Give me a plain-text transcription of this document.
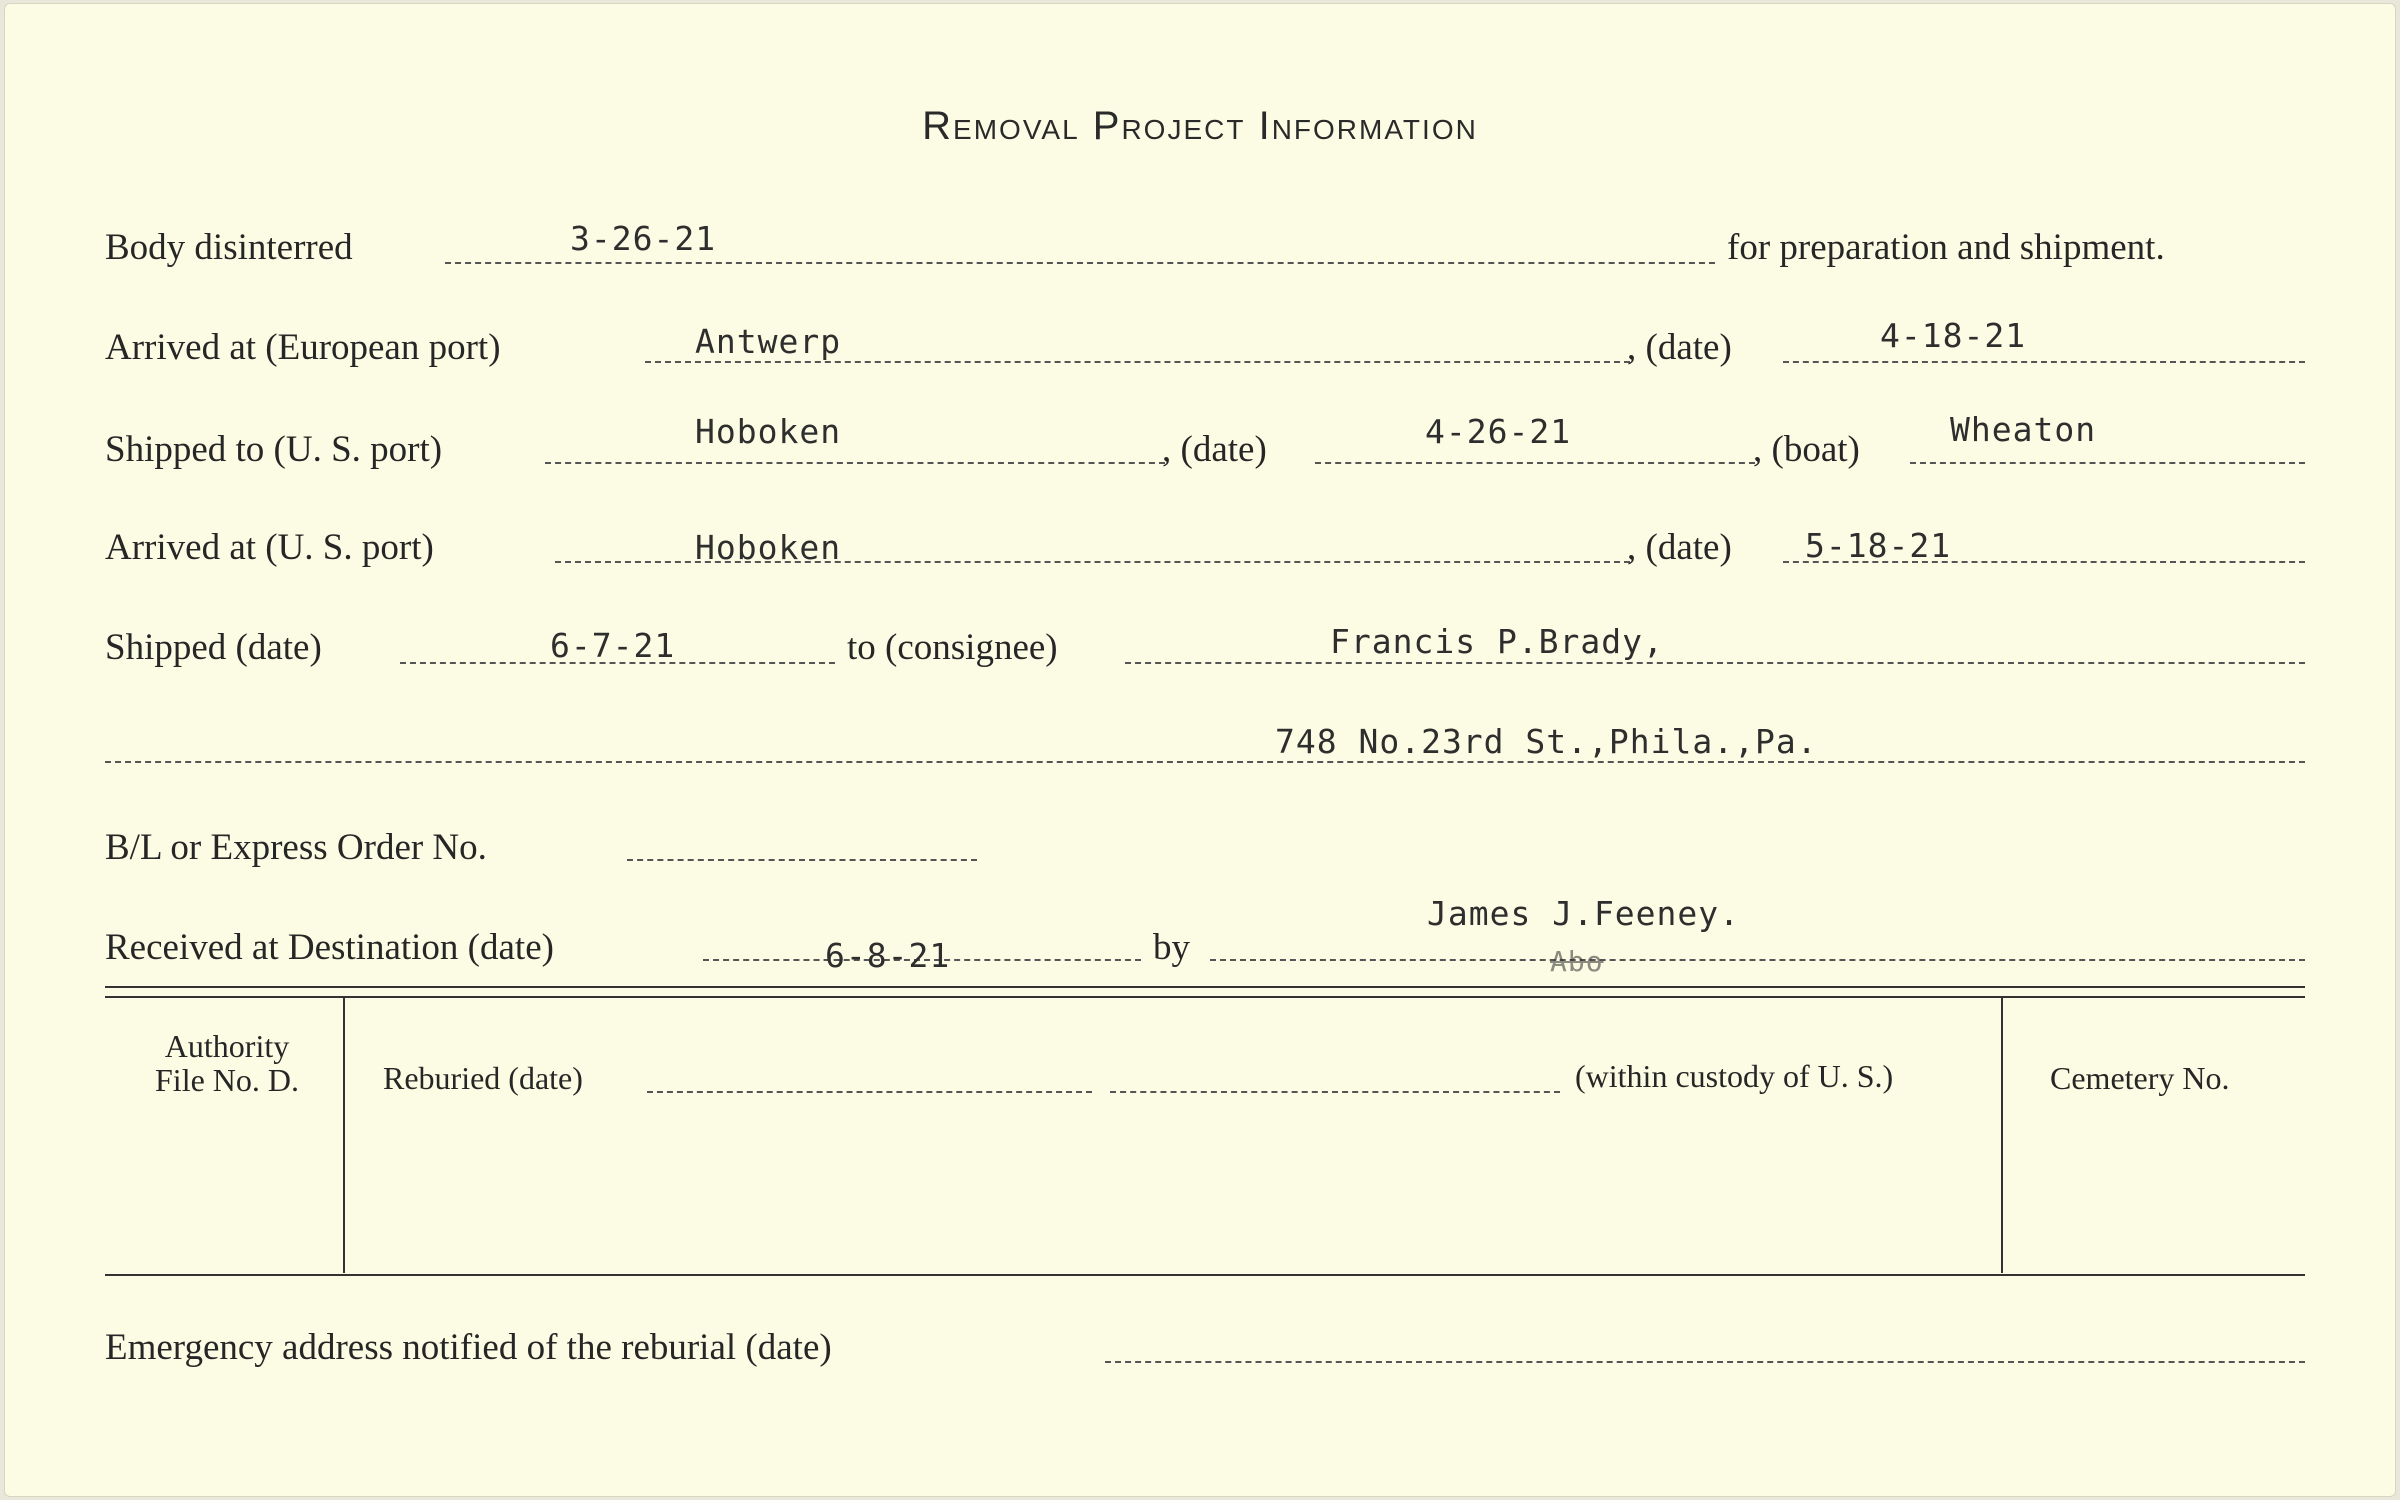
Removal Project Information
Body disinterred	3-26-21	for preparation and shipment.
Arrived at (European port)	Antwerp	, (date)	4-18-21
Shipped to (U. S. port)	Hoboken	, (date)	4-26-21	, (boat)	Wheaton
Arrived at (U. S. port)	Hoboken	, (date) 5-18-21
Shipped (date)	6-7-21	to (consignee)	Francis P.Brady,
748 No.23rd St.,Phila.,Pa.
B/L or Express Order No.
Received at Destination (date)	6-8-21	by
James J.Feeney.
Abo
Authority
File No. D.	Reburied (date)	(within custody of U. S.)	Cemetery No.
Emergency address notified of the reburial (date)
